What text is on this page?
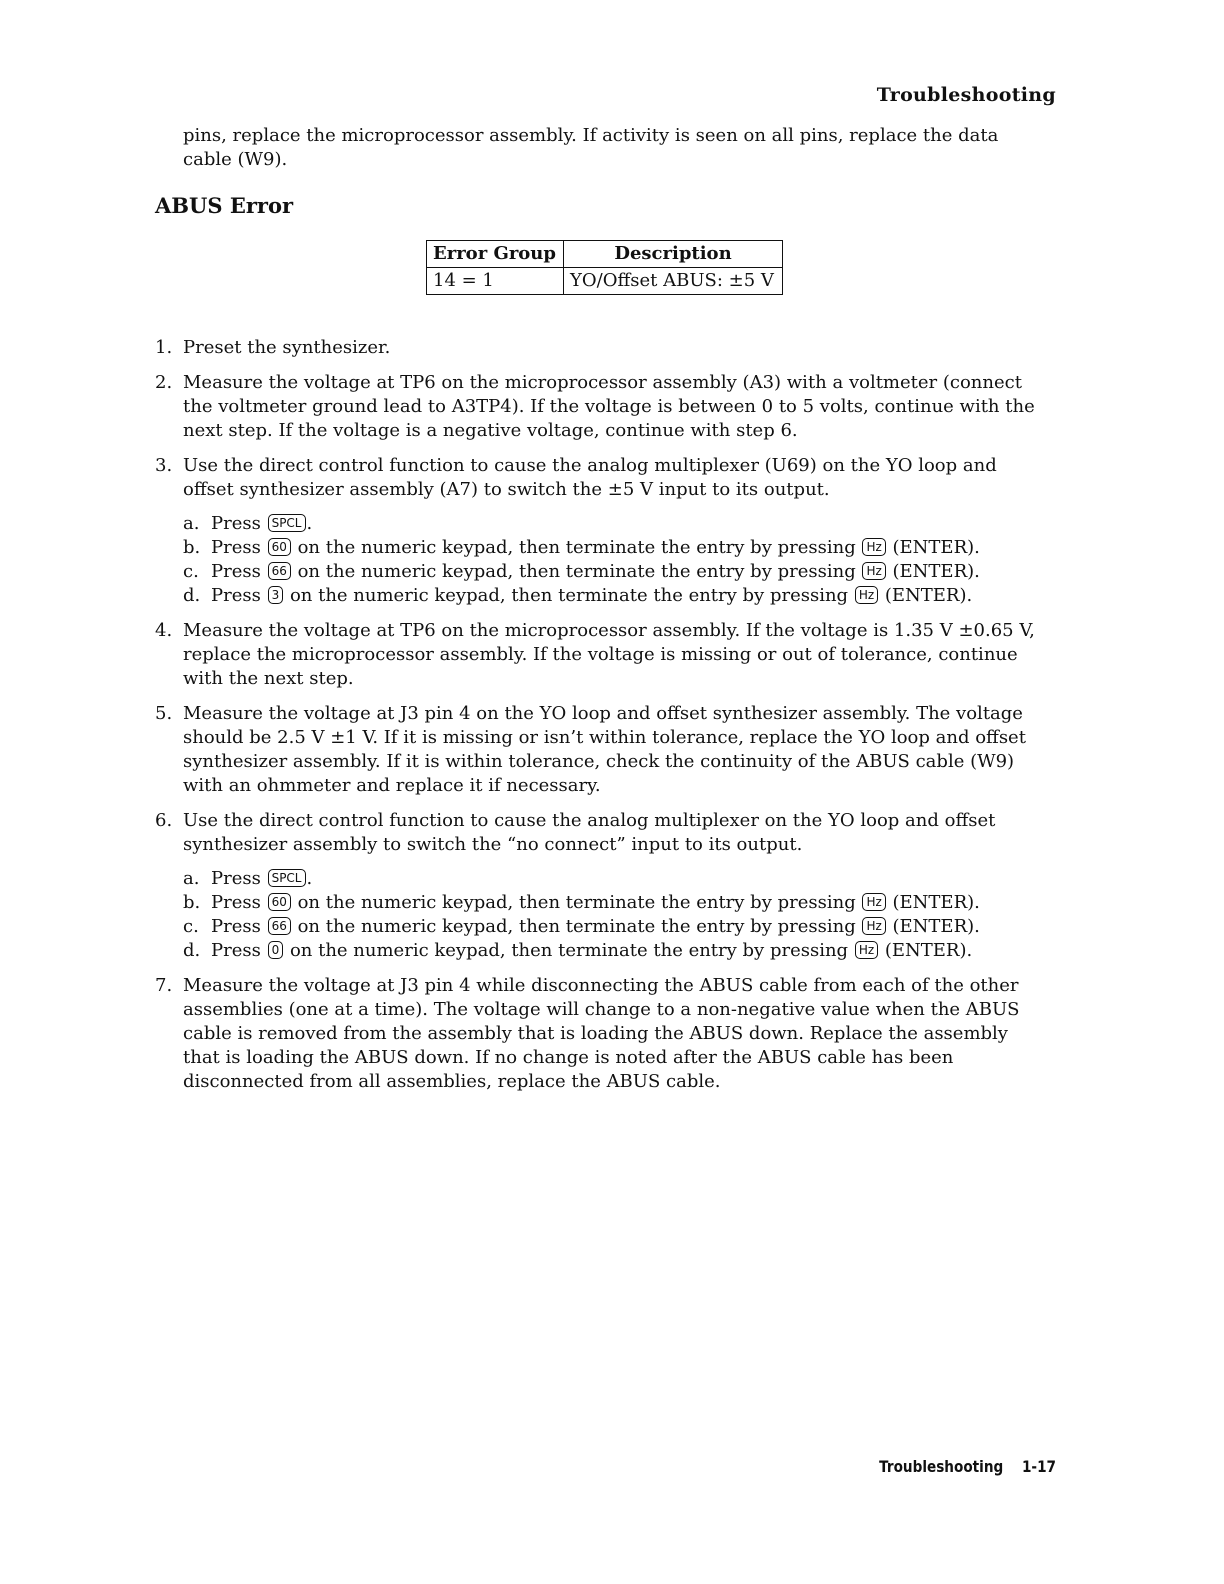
Troubleshooting

pins, replace the microprocessor assembly. If activity is seen on all pins, replace the data cable (W9).

ABUS Error
Error Group	Description
14 = 1	YO/Offset ABUS: ±5 V
1. Preset the synthesizer.
2. Measure the voltage at TP6 on the microprocessor assembly (A3) with a voltmeter (connect the voltmeter ground lead to A3TP4). If the voltage is between 0 to 5 volts, continue with the next step. If the voltage is a negative voltage, continue with step 6.
3. Use the direct control function to cause the analog multiplexer (U69) on the YO loop and offset synthesizer assembly (A7) to switch the ±5 V input to its output.
a. Press SPCL .
b. Press 60 on the numeric keypad, then terminate the entry by pressing Hz (ENTER).
c. Press 66 on the numeric keypad, then terminate the entry by pressing Hz (ENTER).
d. Press 3 on the numeric keypad, then terminate the entry by pressing Hz (ENTER).
4. Measure the voltage at TP6 on the microprocessor assembly. If the voltage is 1.35 V ±0.65 V, replace the microprocessor assembly. If the voltage is missing or out of tolerance, continue with the next step.
5. Measure the voltage at J3 pin 4 on the YO loop and offset synthesizer assembly. The voltage should be 2.5 V ±1 V. If it is missing or isn’t within tolerance, replace the YO loop and offset synthesizer assembly. If it is within tolerance, check the continuity of the ABUS cable (W9) with an ohmmeter and replace it if necessary.
6. Use the direct control function to cause the analog multiplexer on the YO loop and offset synthesizer assembly to switch the “no connect” input to its output.
a. Press SPCL .
b. Press 60 on the numeric keypad, then terminate the entry by pressing Hz (ENTER).
c. Press 66 on the numeric keypad, then terminate the entry by pressing Hz (ENTER).
d. Press 0 on the numeric keypad, then terminate the entry by pressing Hz (ENTER).
7. Measure the voltage at J3 pin 4 while disconnecting the ABUS cable from each of the other assemblies (one at a time). The voltage will change to a non-negative value when the ABUS cable is removed from the assembly that is loading the ABUS down. Replace the assembly that is loading the ABUS down. If no change is noted after the ABUS cable has been disconnected from all assemblies, replace the ABUS cable.
Troubleshooting 1-17
